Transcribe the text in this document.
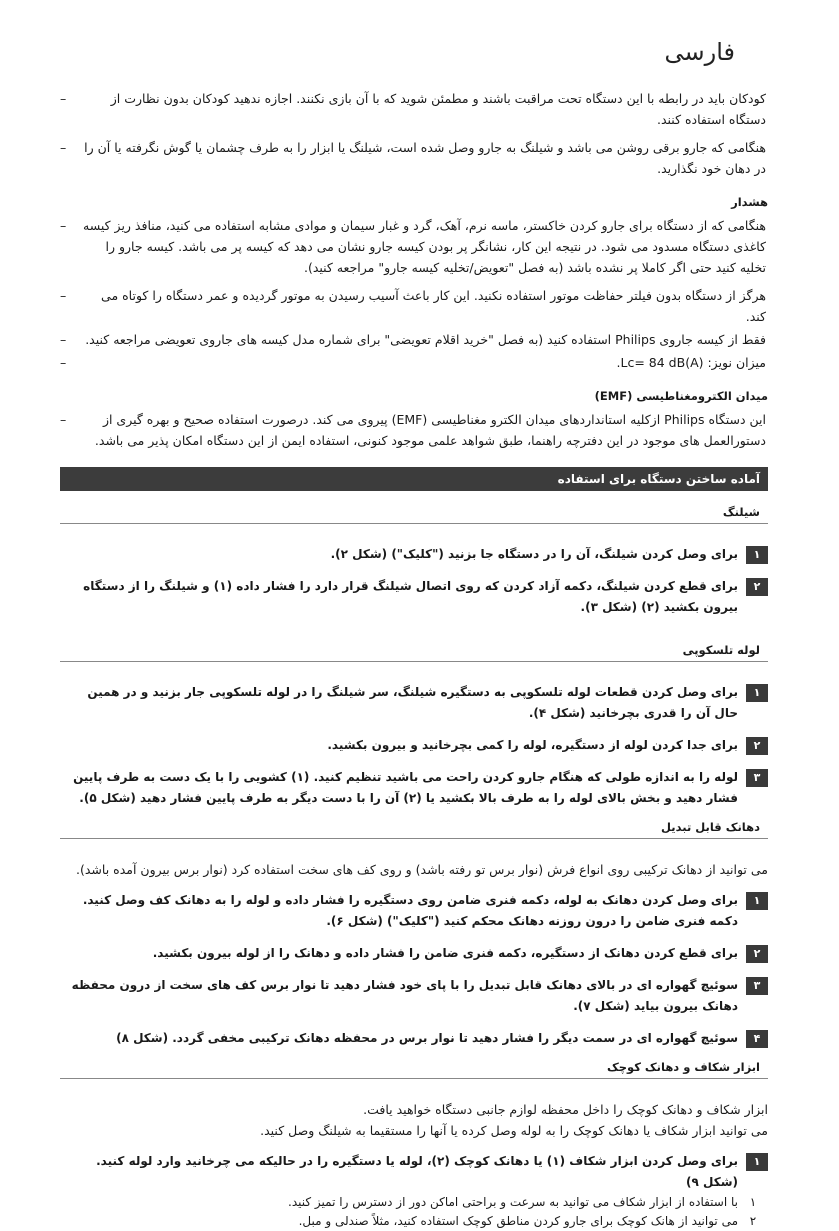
فارسی
کودکان باید در رابطه با این دستگاه تحت مراقبت باشند و مطمئن شوید که با آن بازی نکنند. اجازه ندهید کودکان بدون نظارت از دستگاه استفاده کنند.
–
هنگامی که جارو برقی روشن می باشد و شیلنگ به جارو وصل شده است، شیلنگ یا ابزار را به طرف چشمان یا گوش نگرفته یا آن را در دهان خود نگذارید.
–
هشدار
هنگامی که از دستگاه برای جارو کردن خاکستر، ماسه نرم، آهک، گرد و غبار سیمان و موادی مشابه استفاده می کنید، منافذ ریز کیسه کاغذی دستگاه مسدود می شود. در نتیجه این کار، نشانگر پر بودن کیسه جارو نشان می دهد که کیسه پر می باشد. کیسه جارو را تخلیه کنید حتی اگر کاملا پر نشده باشد (به فصل "تعویض/تخلیه کیسه جارو" مراجعه کنید).
–
هرگز از دستگاه بدون فیلتر حفاظت موتور استفاده نکنید. این کار باعث آسیب رسیدن به موتور گردیده و عمر دستگاه را کوتاه می کند.
–
فقط از کیسه جاروی Philips استفاده کنید (به فصل "خرید اقلام تعویضی" برای شماره مدل کیسه های جاروی تعویضی مراجعه کنید.
–
میزان نویز: Lc= 84 dB(A).
–
میدان الکترومغناطیسی (EMF)
این دستگاه Philips ازکلیه استانداردهای میدان الکترو مغناطیسی (EMF) پیروی می کند. درصورت استفاده صحیح و بهره گیری از دستورالعمل های موجود در این دفترچه راهنما، طبق شواهد علمی موجود کنونی، استفاده ایمن از این دستگاه امکان پذیر می باشد.
–
آماده ساختن دستگاه برای استفاده
شیلنگ
۱
برای وصل کردن شیلنگ، آن را در دستگاه جا بزنید ("کلیک") (شکل ۲).
۲
برای قطع کردن شیلنگ، دکمه آزاد کردن که روی اتصال شیلنگ قرار دارد را فشار داده (۱) و شیلنگ را از دستگاه بیرون بکشید (۲) (شکل ۳).
لوله تلسکوپی
۱
برای وصل کردن قطعات لوله تلسکوپی به دستگیره شیلنگ، سر شیلنگ را در لوله تلسکوپی جار بزنید و در همین حال آن را قدری بچرخانید (شکل ۴).
۲
برای جدا کردن لوله از دستگیره، لوله را کمی بچرخانید و بیرون بکشید.
۳
لوله را به اندازه طولی که هنگام جارو کردن راحت می باشید تنظیم کنید. (۱) کشویی را با یک دست به طرف پایین فشار دهید و بخش بالای لوله را به طرف بالا بکشید یا (۲) آن را با دست دیگر به طرف پایین فشار دهید (شکل ۵).
دهانک قابل تبدیل
می توانید از دهانک ترکیبی روی انواع فرش (نوار برس تو رفته باشد) و روی کف های سخت استفاده کرد (نوار برس بیرون آمده باشد).
۱
برای وصل کردن دهانک به لوله، دکمه فنری ضامن روی دستگیره را فشار داده و لوله را به دهانک کف وصل کنید. دکمه فنری ضامن را درون روزنه دهانک محکم کنید ("کلیک") (شکل ۶).
۲
برای قطع کردن دهانک از دستگیره، دکمه فنری ضامن را فشار داده و دهانک را از لوله بیرون بکشید.
۳
سوئیچ گهواره ای در بالای دهانک قابل تبدیل را با پای خود فشار دهید تا نوار برس کف های سخت از درون محفظه دهانک بیرون بیاید (شکل ۷).
۴
سوئیچ گهواره ای در سمت دیگر را فشار دهید تا نوار برس در محفظه دهانک ترکیبی مخفی گردد. (شکل ۸)
ابزار شکاف و دهانک کوچک
ابزار شکاف و دهانک کوچک را داخل محفظه لوازم جانبی دستگاه خواهید یافت.
می توانید ابزار شکاف یا دهانک کوچک را به لوله وصل کرده یا آنها را مستقیما به شیلنگ وصل کنید.
۱
برای وصل کردن ابزار شکاف (۱) یا دهانک کوچک (۲)، لوله یا دستگیره را در حالیکه می چرخانید وارد لوله کنید. (شکل ۹)
۱
با استفاده از ابزار شکاف می توانید به سرعت و براحتی اماکن دور از دسترس را تمیز کنید.
۲
می توانید از هانک کوچک برای جارو کردن مناطق کوچک استفاده کنید، مثلاً صندلی و مبل.
